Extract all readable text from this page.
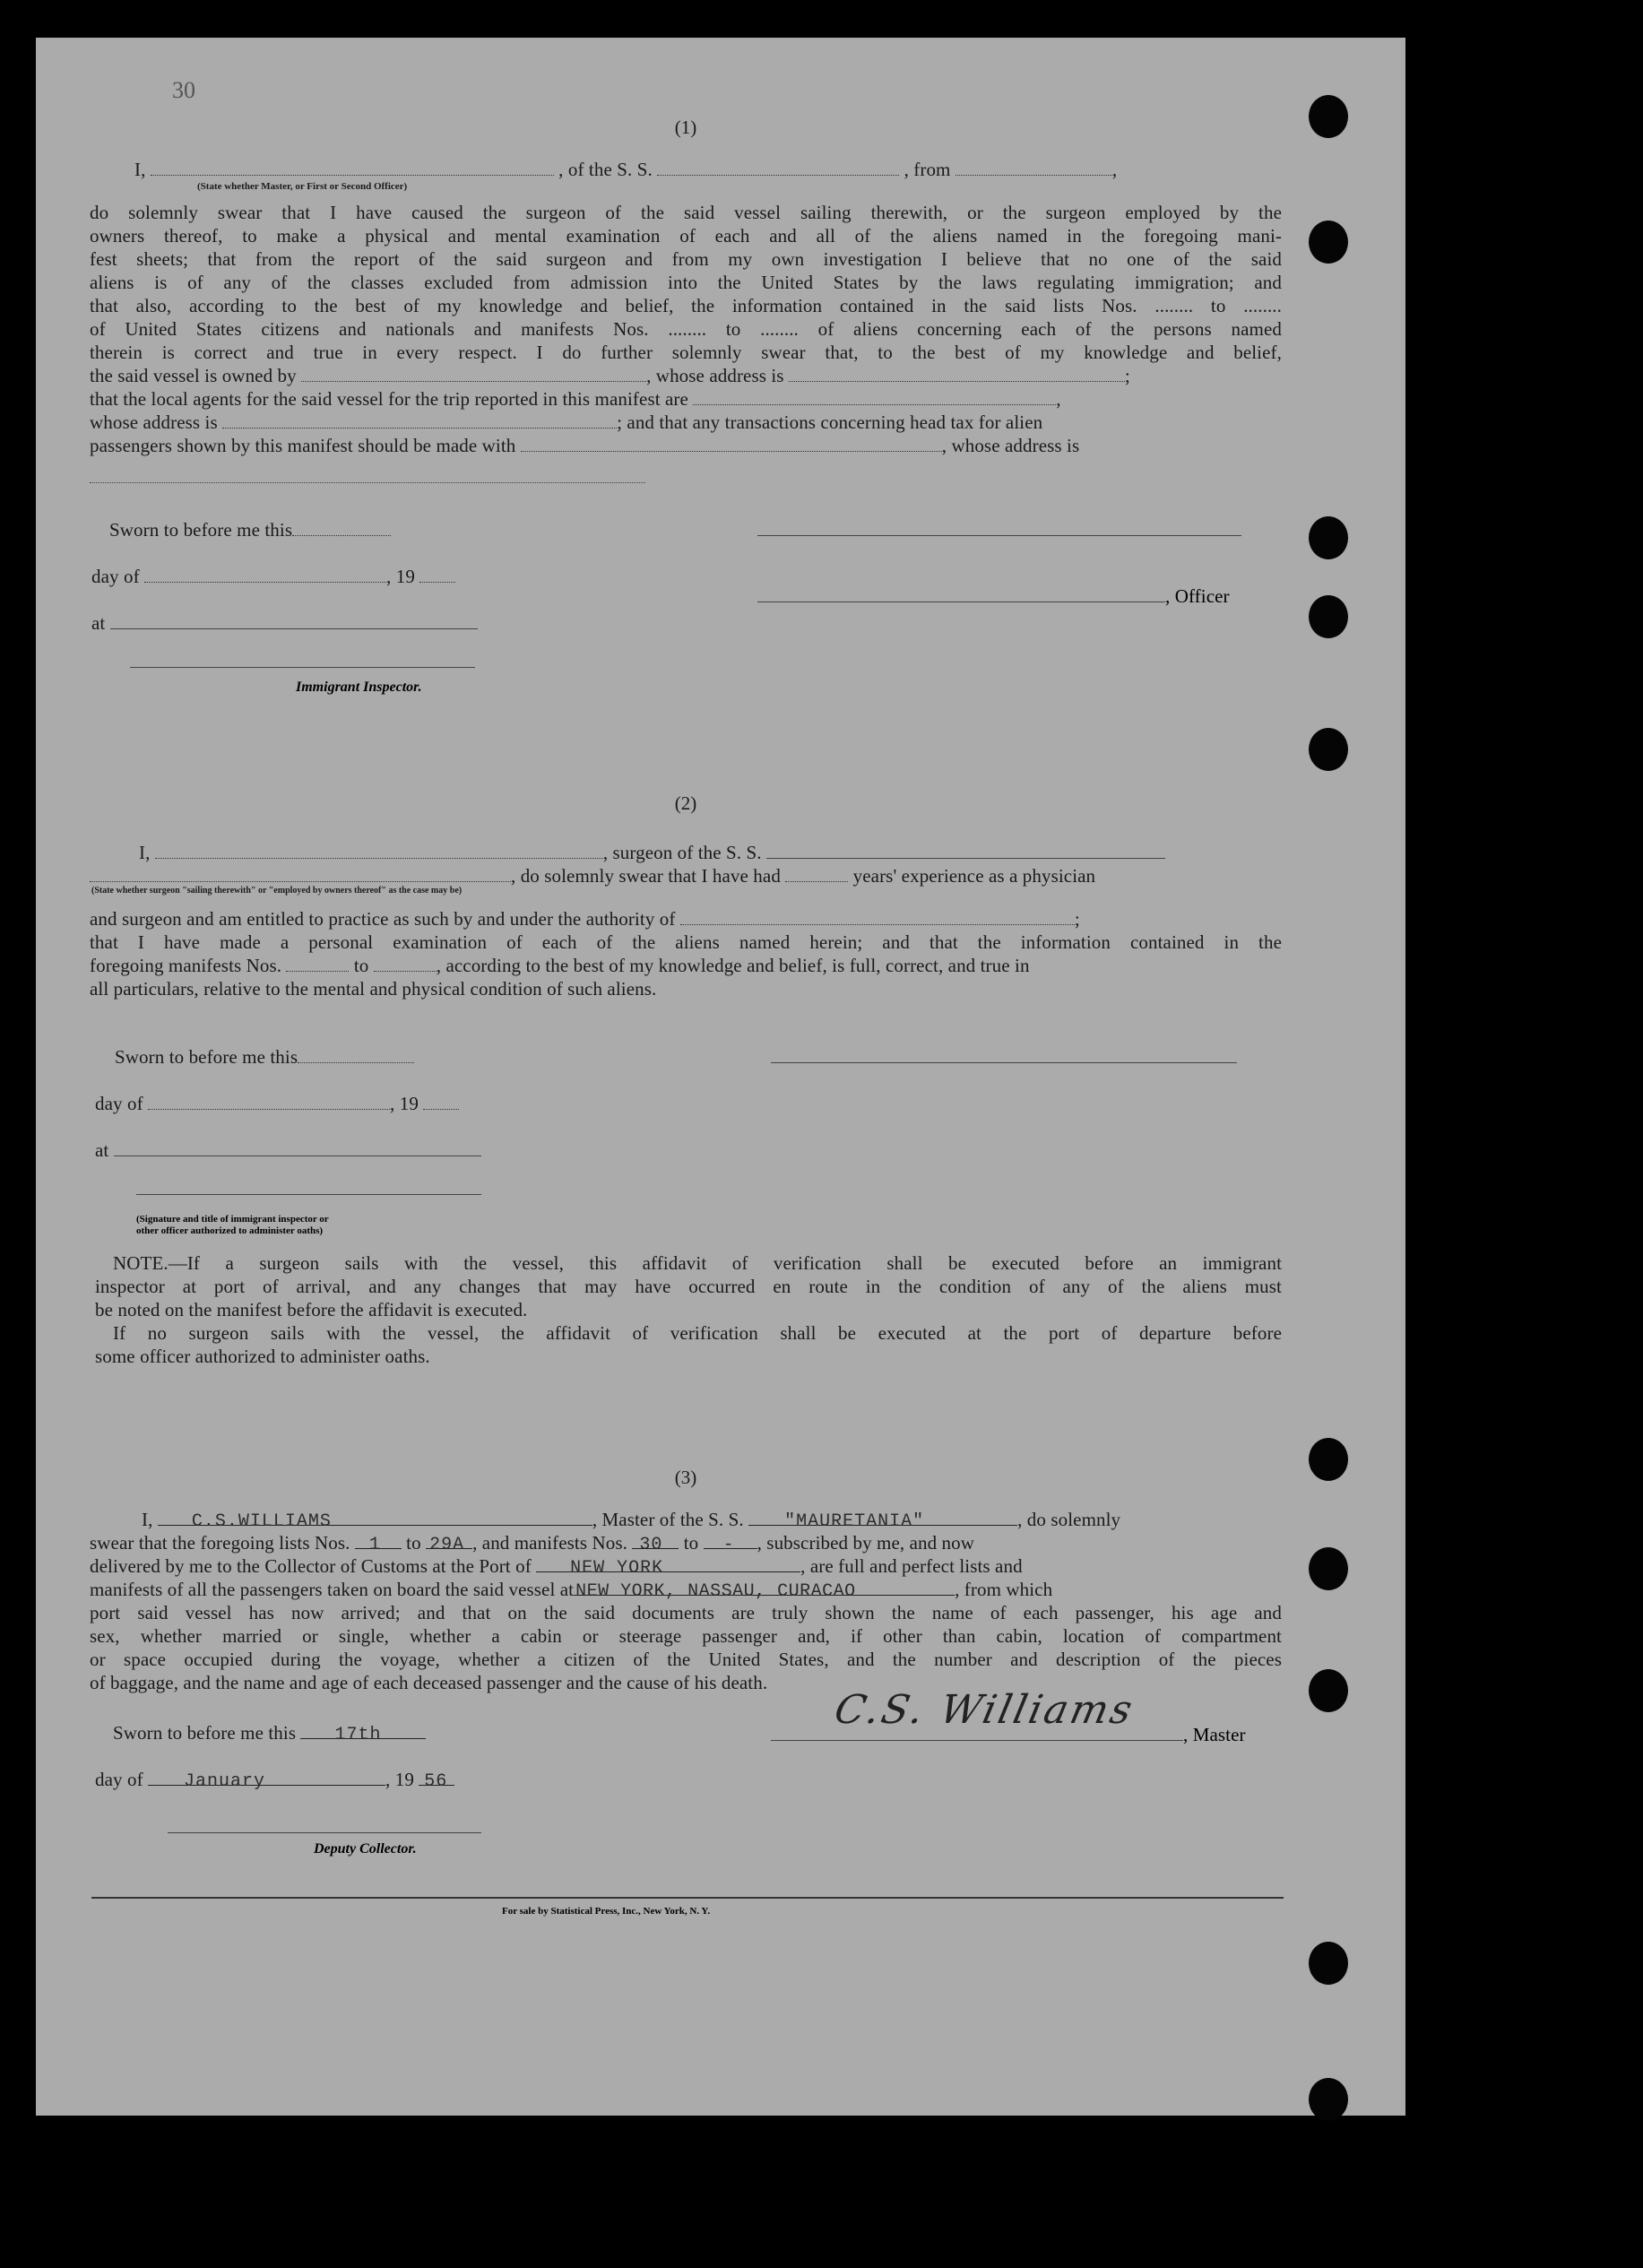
30
(1)
I,	, of the S. S.	, from	,
(State whether Master, or First or Second Officer)
do solemnly swear that I have caused the surgeon of the said vessel sailing therewith, or the surgeon employed by the
owners thereof, to make a physical and mental examination of each and all of the aliens named in the foregoing mani-
fest sheets; that from the report of the said surgeon and from my own investigation I believe that no one of the said
aliens is of any of the classes excluded from admission into the United States by the laws regulating immigration; and
that also, according to the best of my knowledge and belief, the information contained in the said lists Nos. ........ to ........
of United States citizens and nationals and manifests Nos. ........ to ........ of aliens concerning each of the persons named
therein is correct and true in every respect. I do further solemnly swear that, to the best of my knowledge and belief,
the said vessel is owned by	, whose address is	;
that the local agents for the said vessel for the trip reported in this manifest are	,
whose address is	; and that any transactions concerning head tax for alien
passengers shown by this manifest should be made with	, whose address is
Sworn to before me this
day of	, 19
, Officer
at
Immigrant Inspector.
(2)
I,	, surgeon of the S. S.
, do solemnly swear that I have had	years' experience as a physician
(State whether surgeon "sailing therewith" or "employed by owners thereof" as the case may be)
and surgeon and am entitled to practice as such by and under the authority of	;
that I have made a personal examination of each of the aliens named herein; and that the information contained in the
foregoing manifests Nos.	to	, according to the best of my knowledge and belief, is full, correct, and true in
all particulars, relative to the mental and physical condition of such aliens.
Sworn to before me this
day of	, 19
at
(Signature and title of immigrant inspector or
other officer authorized to administer oaths)
NOTE.—If a surgeon sails with the vessel, this affidavit of verification shall be executed before an immigrant
inspector at port of arrival, and any changes that may have occurred en route in the condition of any of the aliens must
be noted on the manifest before the affidavit is executed.
If no surgeon sails with the vessel, the affidavit of verification shall be executed at the port of departure before
some officer authorized to administer oaths.
(3)
I, C.S.WILLIAMS	, Master of the S. S. "MAURETANIA"	, do solemnly
swear that the foregoing lists Nos. 1 to 29A , and manifests Nos. 30 to - , subscribed by me, and now
delivered by me to the Collector of Customs at the Port of NEW YORK	, are full and perfect lists and
manifests of all the passengers taken on board the said vessel at NEW YORK, NASSAU, CURACAO	, from which
port said vessel has now arrived; and that on the said documents are truly shown the name of each passenger, his age and
sex, whether married or single, whether a cabin or steerage passenger and, if other than cabin, location of compartment
or space occupied during the voyage, whether a citizen of the United States, and the number and description of the pieces
of baggage, and the name and age of each deceased passenger and the cause of his death.
Sworn to before me this 17th	, Master
C.S. Williams
day of January	, 19 56
Deputy Collector.
For sale by Statistical Press, Inc., New York, N. Y.
